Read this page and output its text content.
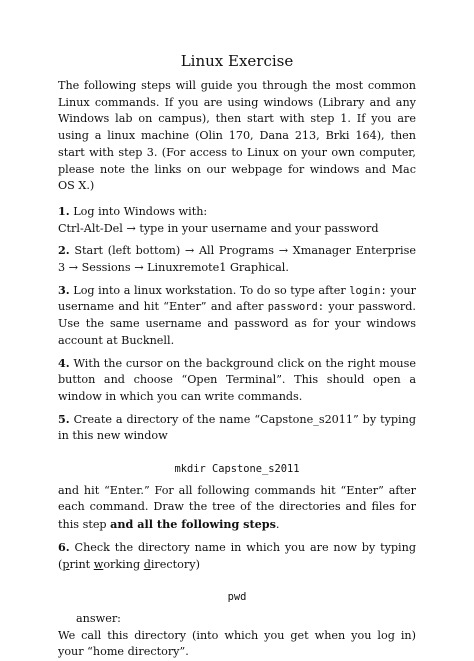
Linux Exercise

The following steps will guide you through the most common Linux commands. If you are using windows (Library and any Windows lab on campus), then start with step 1. If you are using a linux machine (Olin 170, Dana 213, Brki 164), then start with step 3. (For access to Linux on your own computer, please note the links on our webpage for windows and Mac OS X.)

1. Log into Windows with:
Ctrl-Alt-Del → type in your username and your password

2. Start (left bottom) → All Programs → Xmanager Enterprise 3 → Sessions → Linuxremote1 Graphical.

3. Log into a linux workstation. To do so type after login: your username and hit “Enter” and after password: your password. Use the same username and password as for your windows account at Bucknell.

4. With the cursor on the background click on the right mouse button and choose “Open Terminal”. This should open a window in which you can write commands.

5. Create a directory of the name “Capstone_s2011” by typing in this new window

mkdir Capstone_s2011

and hit “Enter.” For all following commands hit “Enter” after each command. Draw the tree of the directories and files for this step and all the following steps.

6. Check the directory name in which you are now by typing (print working directory)

pwd

answer:

We call this directory (into which you get when you log in) your “home directory”.
